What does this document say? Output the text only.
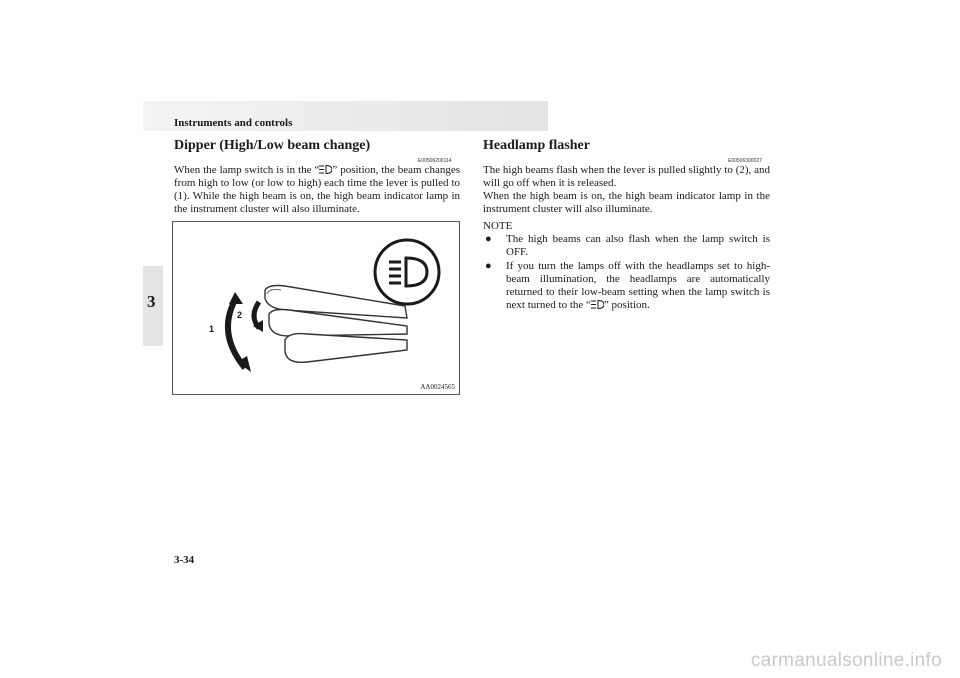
Instruments and controls
3
Dipper (High/Low beam change)
E00506200114

When the lamp switch is in the “ ” position, the beam changes from high to low (or low to high) each time the lever is pulled to (1). While the high beam is on, the high beam indicator lamp in the instrument cluster will also illuminate.

1
2
AA0024565
Headlamp flasher
E00506300027

The high beams flash when the lever is pulled slightly to (2), and will go off when it is released.

When the high beam is on, the high beam indicator lamp in the instrument cluster will also illuminate.

NOTE
● The high beams can also flash when the lamp switch is OFF.
● If you turn the lamps off with the headlamps set to high-beam illumination, the headlamps are automatically returned to their low-beam setting when the lamp switch is next turned to the “ ” position.
3-34
carmanualsonline.info
